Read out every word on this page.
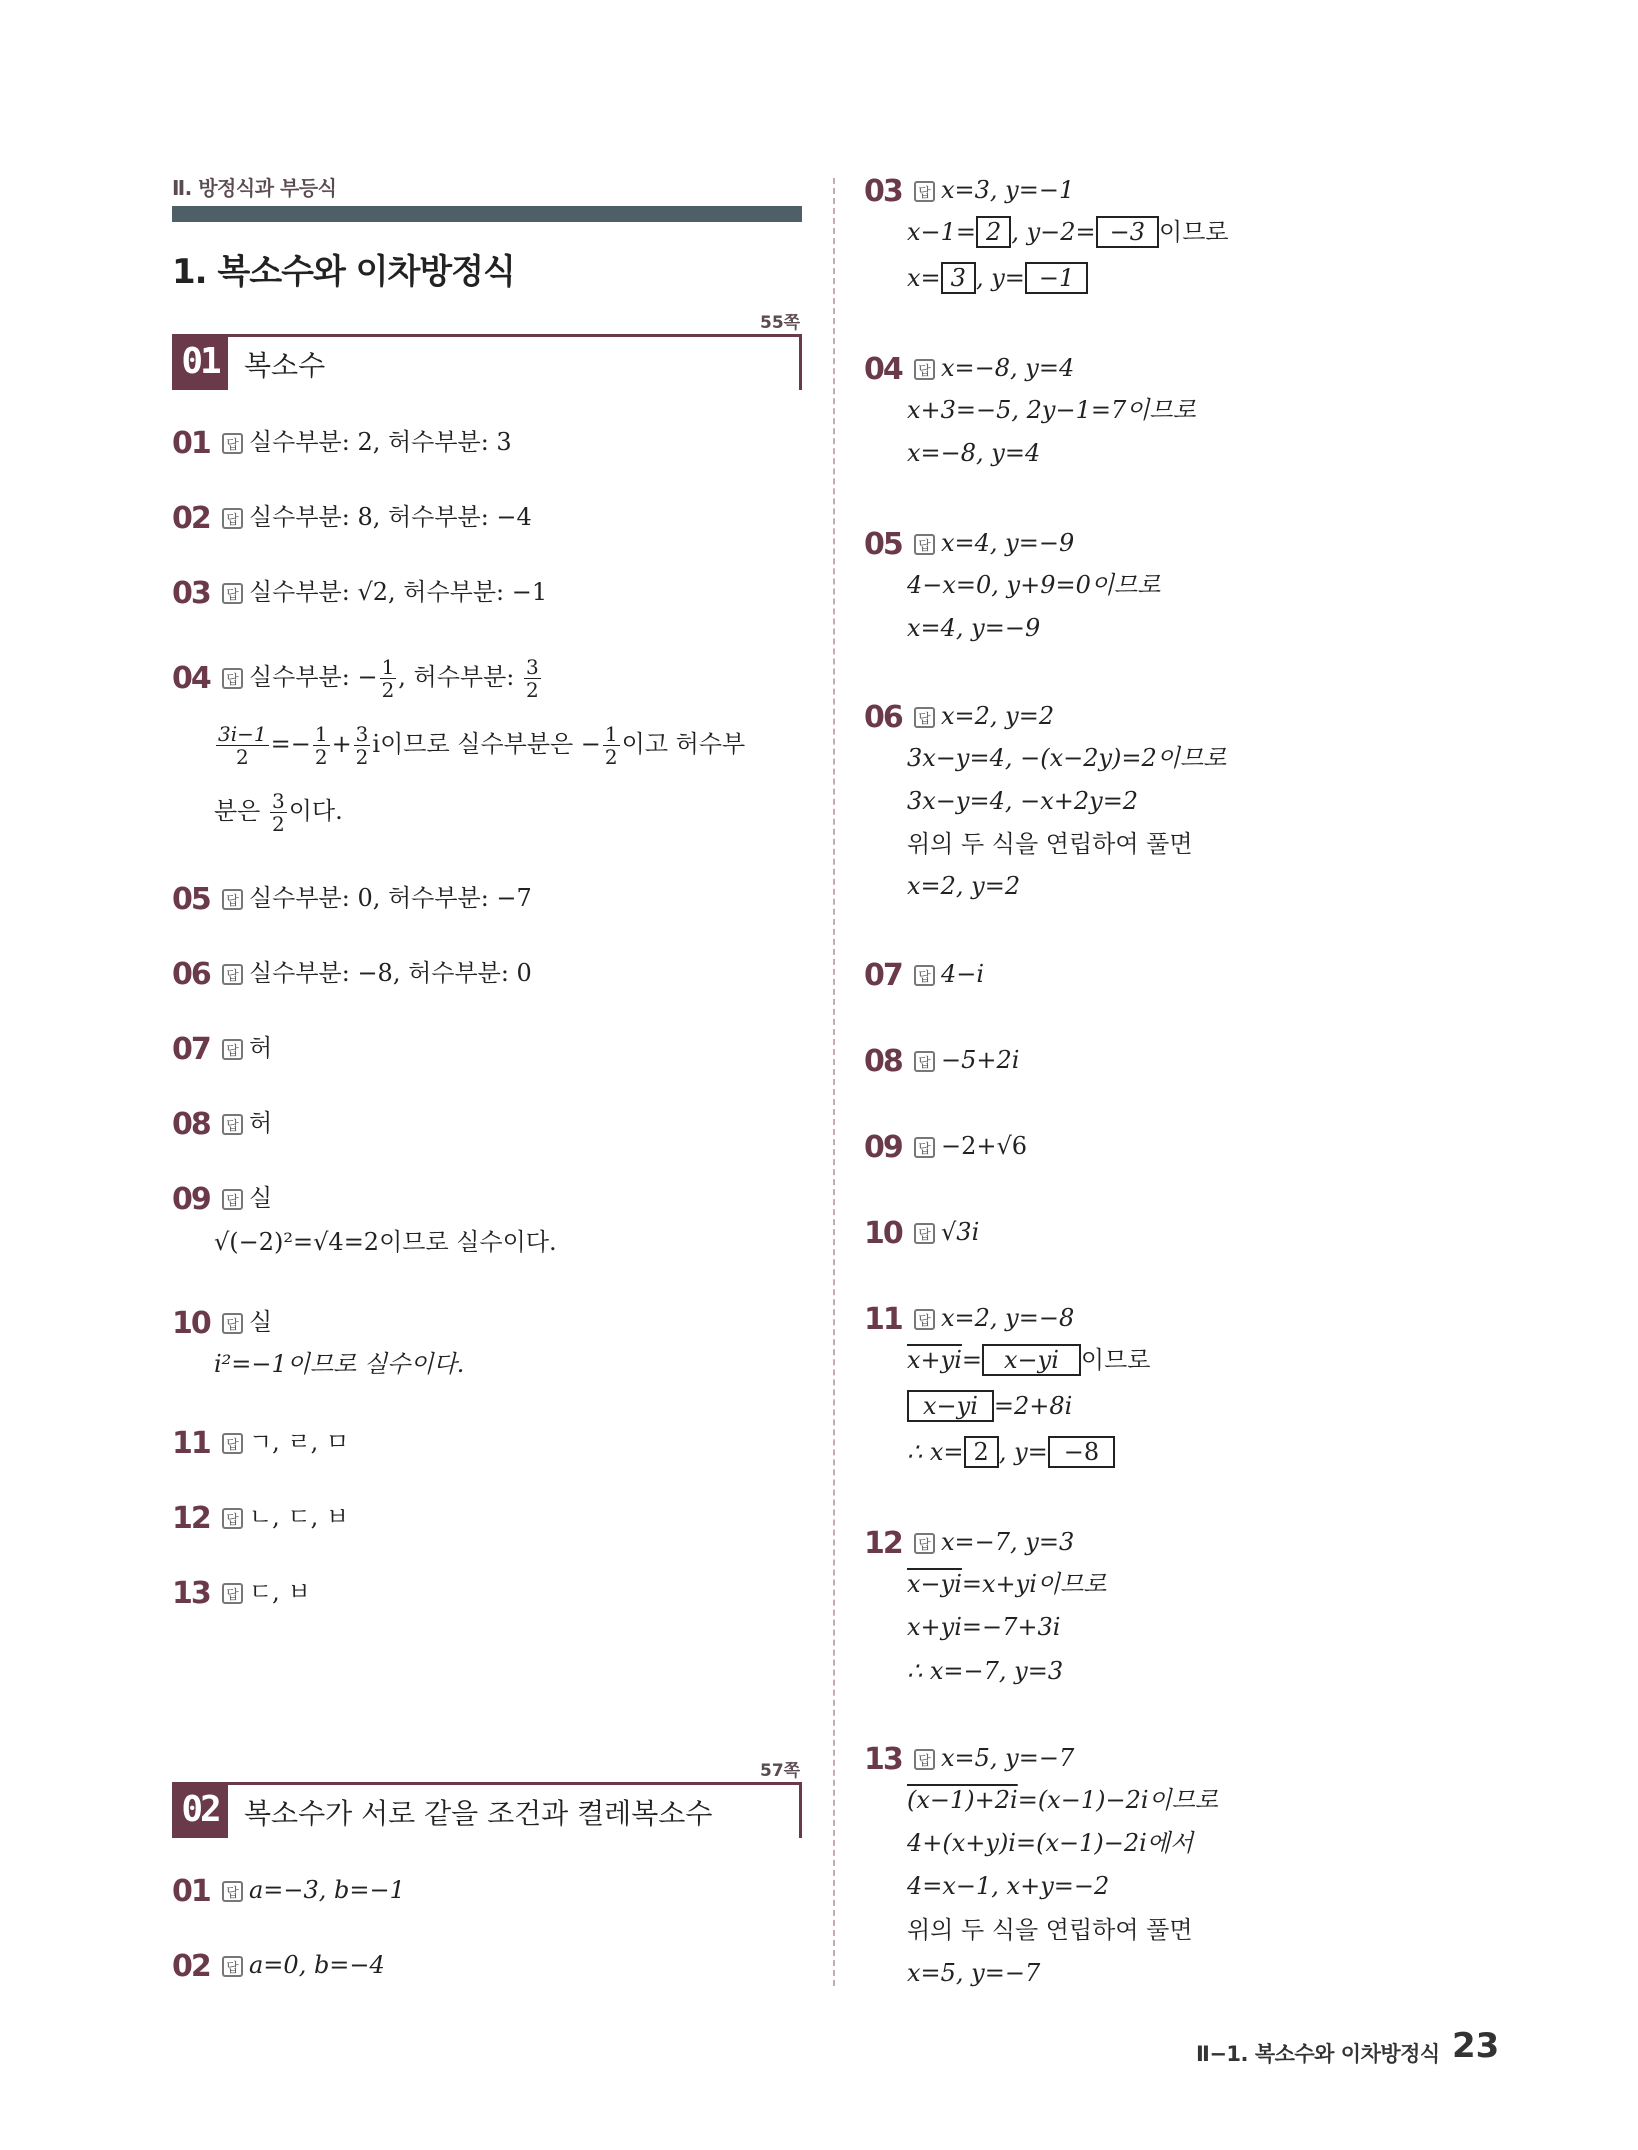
Ⅱ. 방정식과 부등식
1. 복소수와 이차방정식
55쪽
01 복소수
01 답 실수부분: 2, 허수부분: 3
02 답 실수부분: 8, 허수부분: −4
03 답 실수부분: √2, 허수부분: −1
04 답 실수부분: − $\frac{1}{2}$ , 허수부분: $\frac{3}{2}$
$\frac{3i-1}{2} =- \frac{1}{2} + \frac{3}{2}$ i이므로 실수부분은 − $\frac{1}{2}$ 이고 허수부
분은 $\frac{3}{2}$ 이다.
05 답 실수부분: 0, 허수부분: −7
06 답 실수부분: −8, 허수부분: 0
07 답 허
08 답 허
09 답 실
√(−2)²=√4=2이므로 실수이다.
10 답 실
i²=−1이므로 실수이다.
11 답 ㄱ, ㄹ, ㅁ
12 답 ㄴ, ㄷ, ㅂ
13 답 ㄷ, ㅂ
57쪽
02 복소수가 서로 같을 조건과 켤레복소수
01 답 a=−3, b=−1
02 답 a=0, b=−4
03 답 x=3, y=−1
x−1= 2 , y−2= −3 이므로
x= 3 , y= −1
04 답 x=−8, y=4
x+3=−5, 2y−1=7이므로
x=−8, y=4
05 답 x=4, y=−9
4−x=0, y+9=0이므로
x=4, y=−9
06 답 x=2, y=2
3x−y=4, −(x−2y)=2이므로
3x−y=4, −x+2y=2
위의 두 식을 연립하여 풀면
x=2, y=2
07 답 4−i
08 답 −5+2i
09 답 −2+√6
10 답 √3i
11 답 x=2, y=−8
x+yi= x−yi 이므로
x−yi =2+8i
∴ x= 2 , y= −8
12 답 x=−7, y=3
x−yi=x+yi이므로
x+yi=−7+3i
∴ x=−7, y=3
13 답 x=5, y=−7
(x−1)+2i=(x−1)−2i이므로
4+(x+y)i=(x−1)−2i에서
4=x−1, x+y=−2
위의 두 식을 연립하여 풀면
x=5, y=−7
Ⅱ−1. 복소수와 이차방정식 23
